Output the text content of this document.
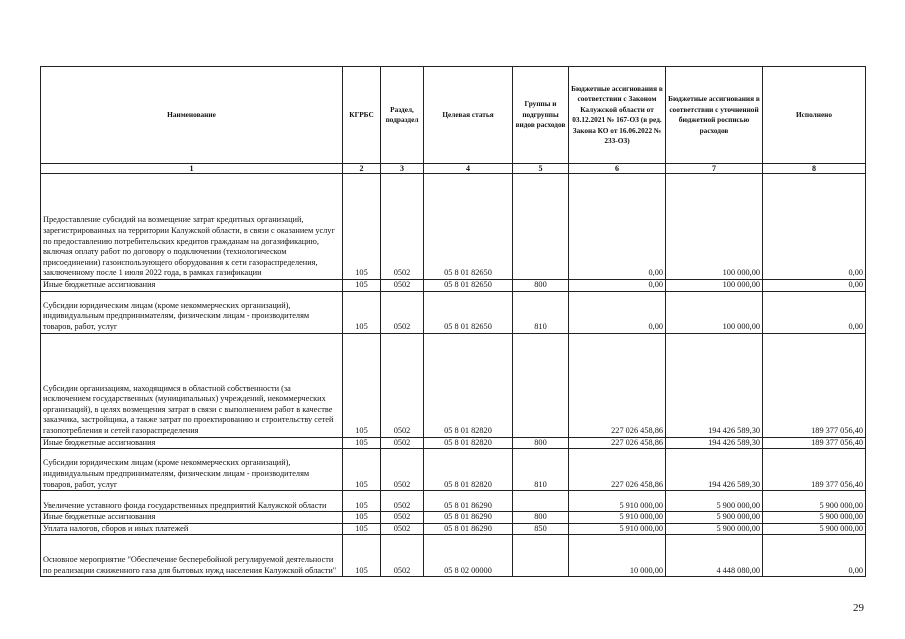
Наименование	КГРБС	Раздел, подраздел	Целевая статья	Группы и подгруппы видов расходов	Бюджетные ассигнования в соответствии с Законом Калужской области от 03.12.2021 № 167-ОЗ (в ред. Закона КО от 16.06.2022 № 233-ОЗ)	Бюджетные ассигнования в соответствии с уточненной бюджетной росписью расходов	Исполнено
1	2	3	4	5	6	7	8
Предоставление субсидий на возмещение затрат кредитных организаций, зарегистрированных на территории Калужской области, в связи с оказанием услуг по предоставлению потребительских кредитов гражданам на догазификацию, включая оплату работ по договору о подключении (технологическом присоединении) газоиспользующего оборудования к сети газораспределения, заключенному после 1 июля 2022 года, в рамках газификации	105	0502	05 8 01 82650		0,00	100 000,00	0,00
Иные бюджетные ассигнования	105	0502	05 8 01 82650	800	0,00	100 000,00	0,00
Субсидии юридическим лицам (кроме некоммерческих организаций), индивидуальным предпринимателям, физическим лицам - производителям товаров, работ, услуг	105	0502	05 8 01 82650	810	0,00	100 000,00	0,00
Субсидии организациям, находящимся в областной собственности (за исключением государственных (муниципальных) учреждений, некоммерческих организаций), в целях возмещения затрат в связи с выполнением работ в качестве заказчика, застройщика, а также затрат по проектированию и строительству сетей газопотребления и сетей газораспределения	105	0502	05 8 01 82820		227 026 458,86	194 426 589,30	189 377 056,40
Иные бюджетные ассигнования	105	0502	05 8 01 82820	800	227 026 458,86	194 426 589,30	189 377 056,40
Субсидии юридическим лицам (кроме некоммерческих организаций), индивидуальным предпринимателям, физическим лицам - производителям товаров, работ, услуг	105	0502	05 8 01 82820	810	227 026 458,86	194 426 589,30	189 377 056,40
Увеличение уставного фонда государственных предприятий Калужской области	105	0502	05 8 01 86290		5 910 000,00	5 900 000,00	5 900 000,00
Иные бюджетные ассигнования	105	0502	05 8 01 86290	800	5 910 000,00	5 900 000,00	5 900 000,00
Уплата налогов, сборов и иных платежей	105	0502	05 8 01 86290	850	5 910 000,00	5 900 000,00	5 900 000,00
Основное мероприятие "Обеспечение бесперебойной регулируемой деятельности по реализации сжиженного газа для бытовых нужд населения Калужской области"	105	0502	05 8 02 00000		10 000,00	4 448 080,00	0,00
29
